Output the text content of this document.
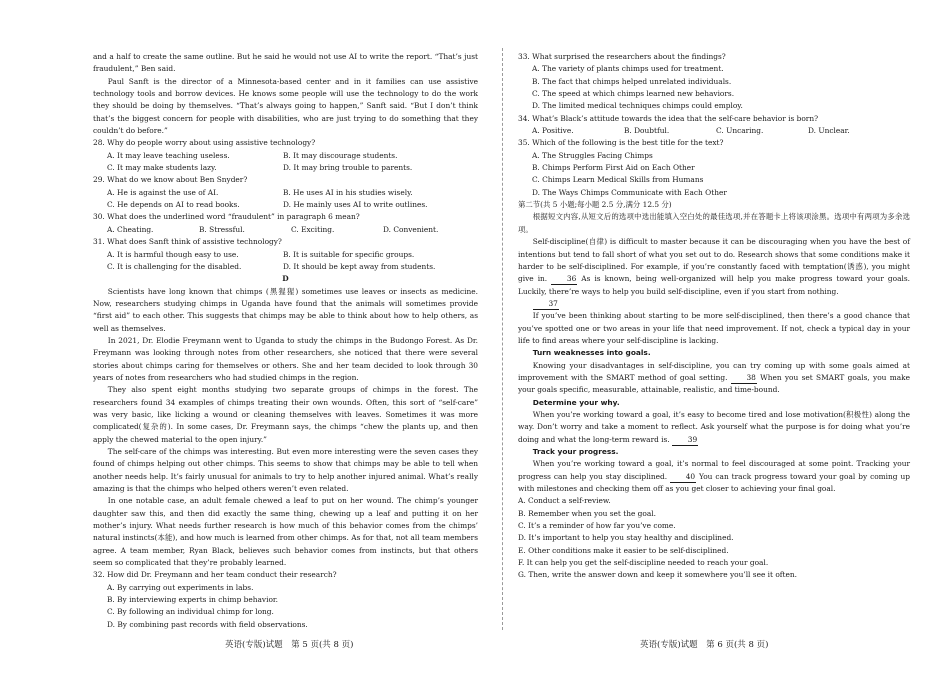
and a half to create the same outline. But he said he would not use AI to write the report. “That’s just fraudulent,” Ben said.
Paul Sanft is the director of a Minnesota-based center and in it families can use assistive technology tools and borrow devices. He knows some people will use the technology to do the work they should be doing by themselves. “That’s always going to happen,” Sanft said. “But I don’t think that’s the biggest concern for people with disabilities, who are just trying to do something that they couldn’t do before.”
28. Why do people worry about using assistive technology?
A. It may leave teaching useless.	B. It may discourage students.
C. It may make students lazy.	D. It may bring trouble to parents.
29. What do we know about Ben Snyder?
A. He is against the use of AI.	B. He uses AI in his studies wisely.
C. He depends on AI to read books.	D. He mainly uses AI to write outlines.
30. What does the underlined word “fraudulent” in paragraph 6 mean?
A. Cheating.	B. Stressful.	C. Exciting.	D. Convenient.
31. What does Sanft think of assistive technology?
A. It is harmful though easy to use.	B. It is suitable for specific groups.
C. It is challenging for the disabled.	D. It should be kept away from students.
D
Scientists have long known that chimps (黑猩猩) sometimes use leaves or insects as medicine. Now, researchers studying chimps in Uganda have found that the animals will sometimes provide “first aid” to each other. This suggests that chimps may be able to think about how to help others, as well as themselves.
In 2021, Dr. Elodie Freymann went to Uganda to study the chimps in the Budongo Forest. As Dr. Freymann was looking through notes from other researchers, she noticed that there were several stories about chimps caring for themselves or others. She and her team decided to look through 30 years of notes from researchers who had studied chimps in the region.
They also spent eight months studying two separate groups of chimps in the forest. The researchers found 34 examples of chimps treating their own wounds. Often, this sort of “self-care” was very basic, like licking a wound or cleaning themselves with leaves. Sometimes it was more complicated(复杂的). In some cases, Dr. Freymann says, the chimps “chew the plants up, and then apply the chewed material to the open injury.”
The self-care of the chimps was interesting. But even more interesting were the seven cases they found of chimps helping out other chimps. This seems to show that chimps may be able to tell when another needs help. It’s fairly unusual for animals to try to help another injured animal. What’s really amazing is that the chimps who helped others weren’t even related.
In one notable case, an adult female chewed a leaf to put on her wound. The chimp’s younger daughter saw this, and then did exactly the same thing, chewing up a leaf and putting it on her mother’s injury. What needs further research is how much of this behavior comes from the chimps’ natural instincts(本能), and how much is learned from other chimps. As for that, not all team members agree. A team member, Ryan Black, believes such behavior comes from instincts, but that others seem so complicated that they’re probably learned.
32. How did Dr. Freymann and her team conduct their research?
A. By carrying out experiments in labs.
B. By interviewing experts in chimp behavior.
C. By following an individual chimp for long.
D. By combining past records with field observations.
33. What surprised the researchers about the findings?
A. The variety of plants chimps used for treatment.
B. The fact that chimps helped unrelated individuals.
C. The speed at which chimps learned new behaviors.
D. The limited medical techniques chimps could employ.
34. What’s Black’s attitude towards the idea that the self-care behavior is born?
A. Positive.	B. Doubtful.	C. Uncaring.	D. Unclear.
35. Which of the following is the best title for the text?
A. The Struggles Facing Chimps
B. Chimps Perform First Aid on Each Other
C. Chimps Learn Medical Skills from Humans
D. The Ways Chimps Communicate with Each Other
第二节(共 5 小题;每小题 2.5 分,满分 12.5 分)
根据短文内容,从短文后的选项中选出能填入空白处的最佳选项,并在答题卡上将该项涂黑。选项中有两项为多余选项。
Self-discipline(自律) is difficult to master because it can be discouraging when you have the best of intentions but tend to fall short of what you set out to do. Research shows that some conditions make it harder to be self-disciplined. For example, if you’re constantly faced with temptation(诱惑), you might give in.	36 As is known, being well-organized will help you make progress toward your goals. Luckily, there’re ways to help you build self-discipline, even if you start from nothing.
37
If you’ve been thinking about starting to be more self-disciplined, then there’s a good chance that you’ve spotted one or two areas in your life that need improvement. If not, check a typical day in your life to find areas where your self-discipline is lacking.
Turn weaknesses into goals.
Knowing your disadvantages in self-discipline, you can try coming up with some goals aimed at improvement with the SMART method of goal setting.	38 When you set SMART goals, you make your goals specific, measurable, attainable, realistic, and time-bound.
Determine your why.
When you’re working toward a goal, it’s easy to become tired and lose motivation(积极性) along the way. Don’t worry and take a moment to reflect. Ask yourself what the purpose is for doing what you’re doing and what the long-term reward is. 39
Track your progress.
When you’re working toward a goal, it’s normal to feel discouraged at some point. Tracking your progress can help you stay disciplined.	40 You can track progress toward your goal by coming up with milestones and checking them off as you get closer to achieving your final goal.
A. Conduct a self-review.
B. Remember when you set the goal.
C. It’s a reminder of how far you’ve come.
D. It’s important to help you stay healthy and disciplined.
E. Other conditions make it easier to be self-disciplined.
F. It can help you get the self-discipline needed to reach your goal.
G. Then, write the answer down and keep it somewhere you’ll see it often.
英语(专版)试题　第 5 页(共 8 页)	英语(专版)试题　第 6 页(共 8 页)
